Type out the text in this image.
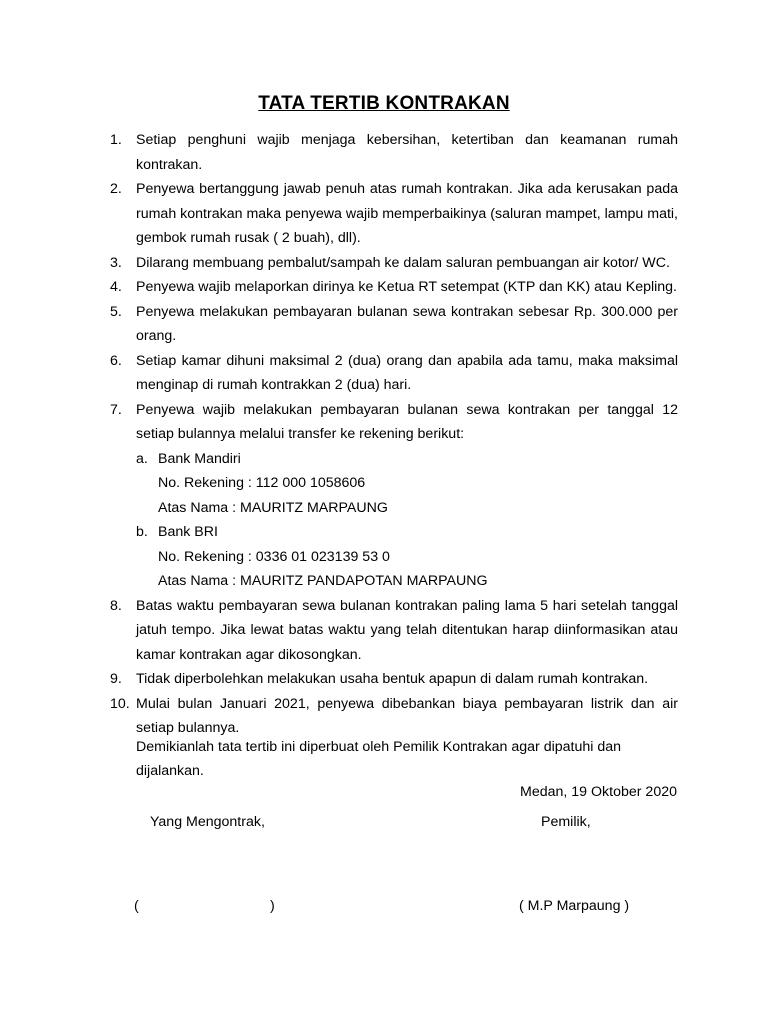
TATA TERTIB KONTRAKAN
1. Setiap penghuni wajib menjaga kebersihan, ketertiban dan keamanan rumah kontrakan.
2. Penyewa bertanggung jawab penuh atas rumah kontrakan. Jika ada kerusakan pada rumah kontrakan maka penyewa wajib memperbaikinya (saluran mampet, lampu mati, gembok rumah rusak ( 2 buah), dll).
3. Dilarang membuang pembalut/sampah ke dalam saluran pembuangan air kotor/ WC.
4. Penyewa wajib melaporkan dirinya ke Ketua RT setempat (KTP dan KK) atau Kepling.
5. Penyewa melakukan pembayaran bulanan sewa kontrakan sebesar Rp. 300.000 per orang.
6. Setiap kamar dihuni maksimal 2 (dua) orang dan apabila ada tamu, maka maksimal menginap di rumah kontrakkan 2 (dua) hari.
7. Penyewa wajib melakukan pembayaran bulanan sewa kontrakan per tanggal 12 setiap bulannya melalui transfer ke rekening berikut:
a. Bank Mandiri
No. Rekening : 112 000 1058606
Atas Nama : MAURITZ MARPAUNG
b. Bank BRI
No. Rekening : 0336 01 023139 53 0
Atas Nama : MAURITZ PANDAPOTAN MARPAUNG
8. Batas waktu pembayaran sewa bulanan kontrakan paling lama 5 hari setelah tanggal jatuh tempo. Jika lewat batas waktu yang telah ditentukan harap diinformasikan atau kamar kontrakan agar dikosongkan.
9. Tidak diperbolehkan melakukan usaha bentuk apapun di dalam rumah kontrakan.
10. Mulai bulan Januari 2021, penyewa dibebankan biaya pembayaran listrik dan air setiap bulannya.
Demikianlah tata tertib ini diperbuat oleh Pemilik Kontrakan agar dipatuhi dan dijalankan.
Medan, 19 Oktober 2020
Yang Mengontrak,	Pemilik,
(	)	( M.P Marpaung )
